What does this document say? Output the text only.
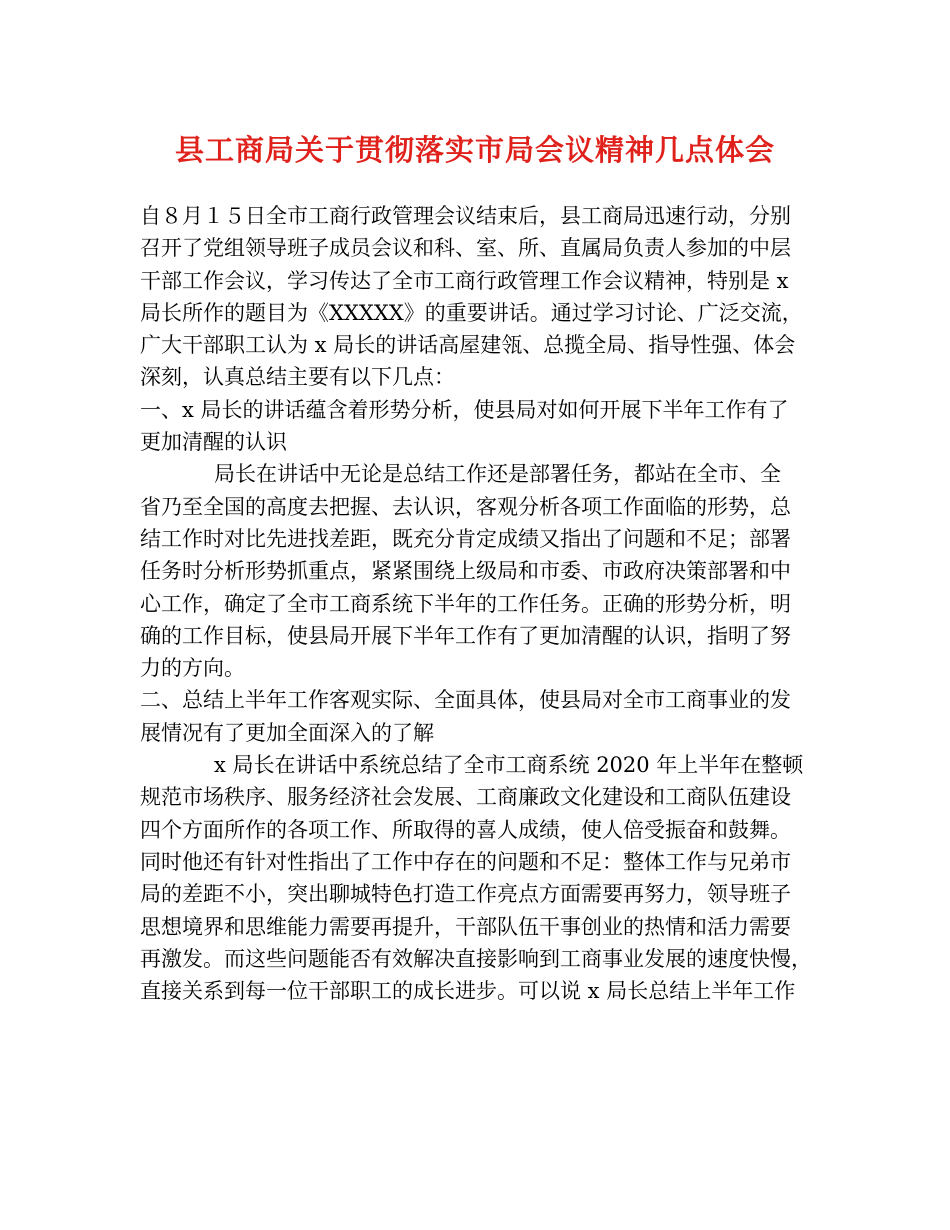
县工商局关于贯彻落实市局会议精神几点体会
自８月１５日全市工商行政管理会议结束后，县工商局迅速行动，分别
召开了党组领导班子成员会议和科、室、所、直属局负责人参加的中层
干部工作会议，学习传达了全市工商行政管理工作会议精神，特别是 x
局长所作的题目为《XXXXX》的重要讲话。通过学习讨论、广泛交流，
广大干部职工认为 x 局长的讲话高屋建瓴、总揽全局、指导性强、体会
深刻，认真总结主要有以下几点：
一、x 局长的讲话蕴含着形势分析，使县局对如何开展下半年工作有了
更加清醒的认识
局长在讲话中无论是总结工作还是部署任务，都站在全市、全
省乃至全国的高度去把握、去认识，客观分析各项工作面临的形势，总
结工作时对比先进找差距，既充分肯定成绩又指出了问题和不足；部署
任务时分析形势抓重点，紧紧围绕上级局和市委、市政府决策部署和中
心工作，确定了全市工商系统下半年的工作任务。正确的形势分析，明
确的工作目标，使县局开展下半年工作有了更加清醒的认识，指明了努
力的方向。
二、总结上半年工作客观实际、全面具体，使县局对全市工商事业的发
展情况有了更加全面深入的了解
x 局长在讲话中系统总结了全市工商系统 2020 年上半年在整顿
规范市场秩序、服务经济社会发展、工商廉政文化建设和工商队伍建设
四个方面所作的各项工作、所取得的喜人成绩，使人倍受振奋和鼓舞。
同时他还有针对性指出了工作中存在的问题和不足：整体工作与兄弟市
局的差距不小，突出聊城特色打造工作亮点方面需要再努力，领导班子
思想境界和思维能力需要再提升，干部队伍干事创业的热情和活力需要
再激发。而这些问题能否有效解决直接影响到工商事业发展的速度快慢，
直接关系到每一位干部职工的成长进步。可以说 x 局长总结上半年工作
